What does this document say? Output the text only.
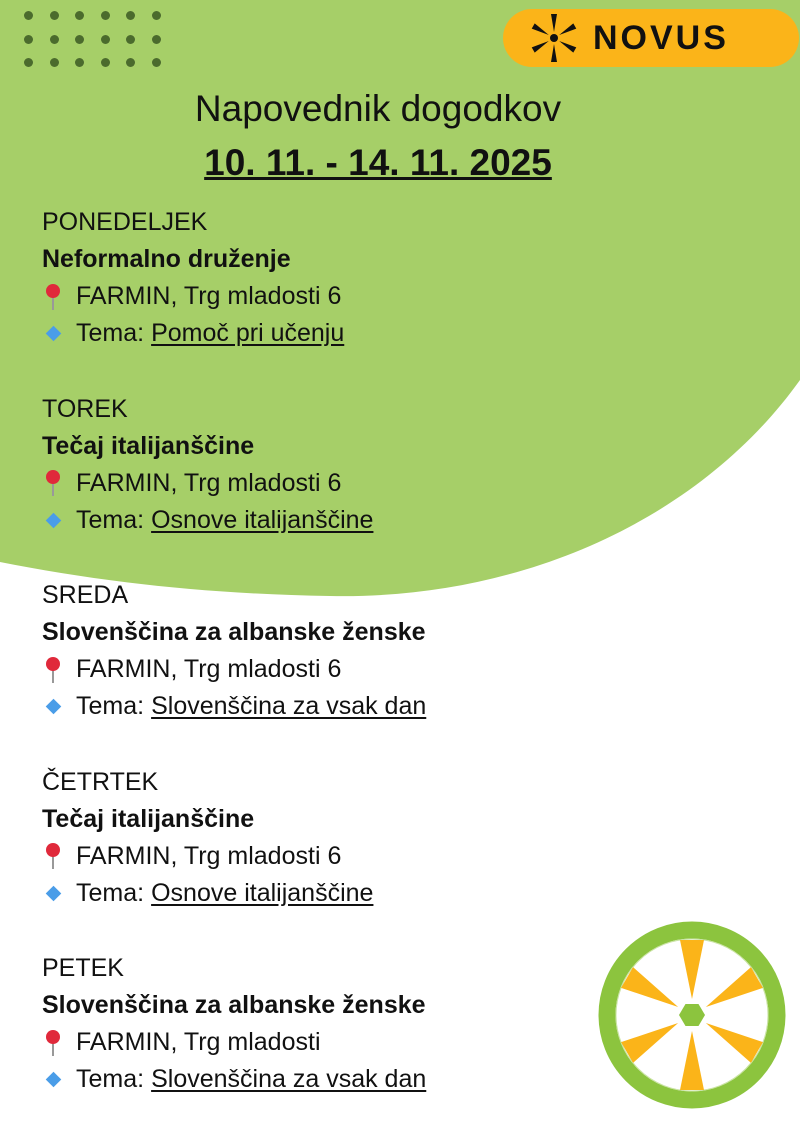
NOVUS
Napovednik dogodkov
10. 11. - 14. 11. 2025
PONEDELJEK
Neformalno druženje
FARMIN, Trg mladosti 6
Tema: Pomoč pri učenju
TOREK
Tečaj italijanščine
FARMIN, Trg mladosti 6
Tema: Osnove italijanščine
SREDA
Slovenščina za albanske ženske
FARMIN, Trg mladosti 6
Tema: Slovenščina za vsak dan
ČETRTEK
Tečaj italijanščine
FARMIN, Trg mladosti 6
Tema: Osnove italijanščine
PETEK
Slovenščina za albanske ženske
FARMIN, Trg mladosti
Tema: Slovenščina za vsak dan
